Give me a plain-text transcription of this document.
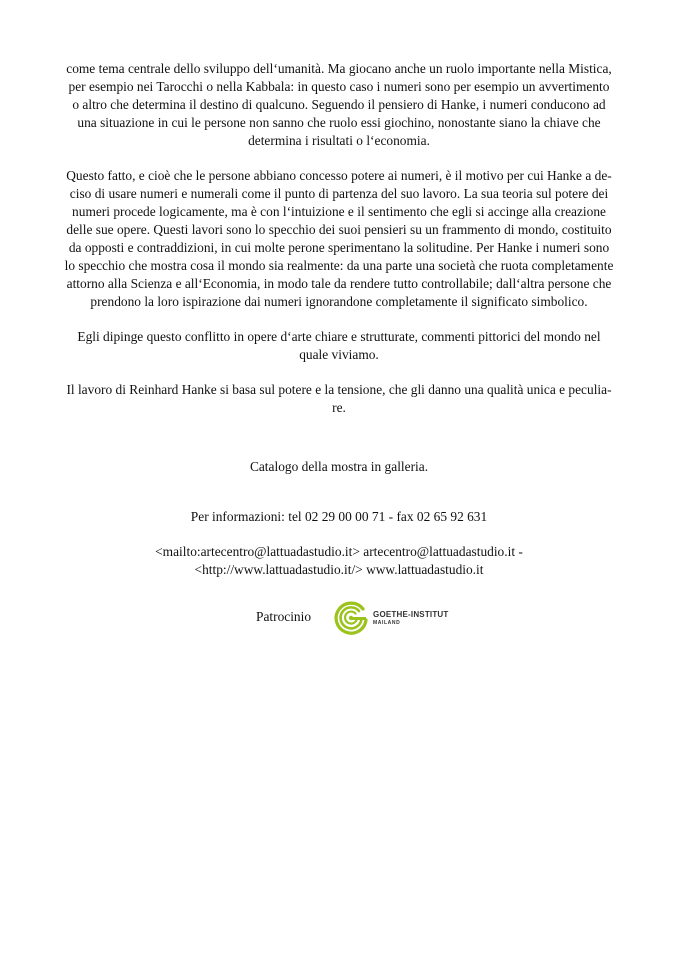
come tema centrale dello sviluppo dell‘umanità. Ma giocano anche un ruolo importante nella Mistica,
per esempio nei Tarocchi o nella Kabbala: in questo caso i numeri sono per esempio un avvertimento
o altro che determina il destino di qualcuno. Seguendo il pensiero di Hanke, i numeri conducono ad
una situazione in cui le persone non sanno che ruolo essi giochino, nonostante siano la chiave che
determina i risultati o l‘economia.

Questo fatto, e cioè che le persone abbiano concesso potere ai numeri, è il motivo per cui Hanke a de-
ciso di usare numeri e numerali come il punto di partenza del suo lavoro. La sua teoria sul potere dei
numeri procede logicamente, ma è con l‘intuizione e il sentimento che egli si accinge alla creazione
delle sue opere. Questi lavori sono lo specchio dei suoi pensieri su un frammento di mondo, costituito
da opposti e contraddizioni, in cui molte perone sperimentano la solitudine. Per Hanke i numeri sono
lo specchio che mostra cosa il mondo sia realmente: da una parte una società che ruota completamente
attorno alla Scienza e all‘Economia, in modo tale da rendere tutto controllabile; dall‘altra persone che
prendono la loro ispirazione dai numeri ignorandone completamente il significato simbolico.

Egli dipinge questo conflitto in opere d‘arte chiare e strutturate, commenti pittorici del mondo nel
quale viviamo.

Il lavoro di Reinhard Hanke si basa sul potere e la tensione, che gli danno una qualità unica e peculia-
re.

Catalogo della mostra in galleria.
Per informazioni: tel 02 29 00 00 71 - fax 02 65 92 631
<mailto:artecentro@lattuadastudio.it> artecentro@lattuadastudio.it -
<http://www.lattuadastudio.it/> www.lattuadastudio.it
Patrocinio	GOETHE-INSTITUT
MAILAND
